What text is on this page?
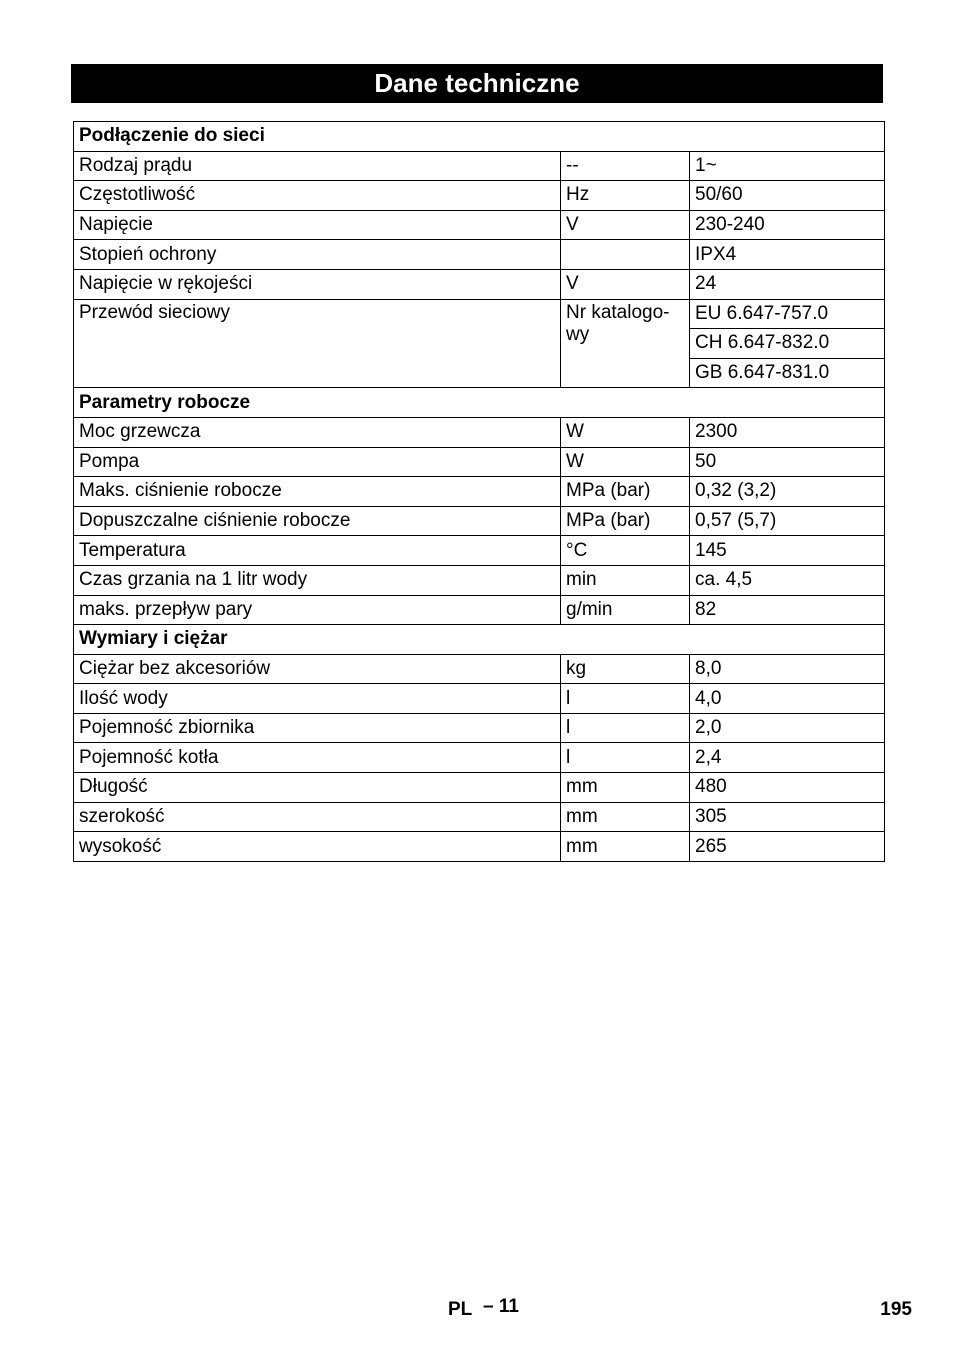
Dane techniczne
Podłączenie do sieci		
Rodzaj prądu	--	1~
Częstotliwość	Hz	50/60
Napięcie	V	230-240
Stopień ochrony		IPX4
Napięcie w rękojeści	V	24
Przewód sieciowy	Nr katalogo-wy	EU 6.647-757.0
		CH 6.647-832.0
		GB 6.647-831.0
Parametry robocze		
Moc grzewcza	W	2300
Pompa	W	50
Maks. ciśnienie robocze	MPa (bar)	0,32 (3,2)
Dopuszczalne ciśnienie robocze	MPa (bar)	0,57 (5,7)
Temperatura	°C	145
Czas grzania na 1 litr wody	min	ca. 4,5
maks. przepływ pary	g/min	82
Wymiary i ciężar		
Ciężar bez akcesoriów	kg	8,0
Ilość wody	l	4,0
Pojemność zbiornika	l	2,0
Pojemność kotła	l	2,4
Długość	mm	480
szerokość	mm	305
wysokość	mm	265
PL – 11	195
